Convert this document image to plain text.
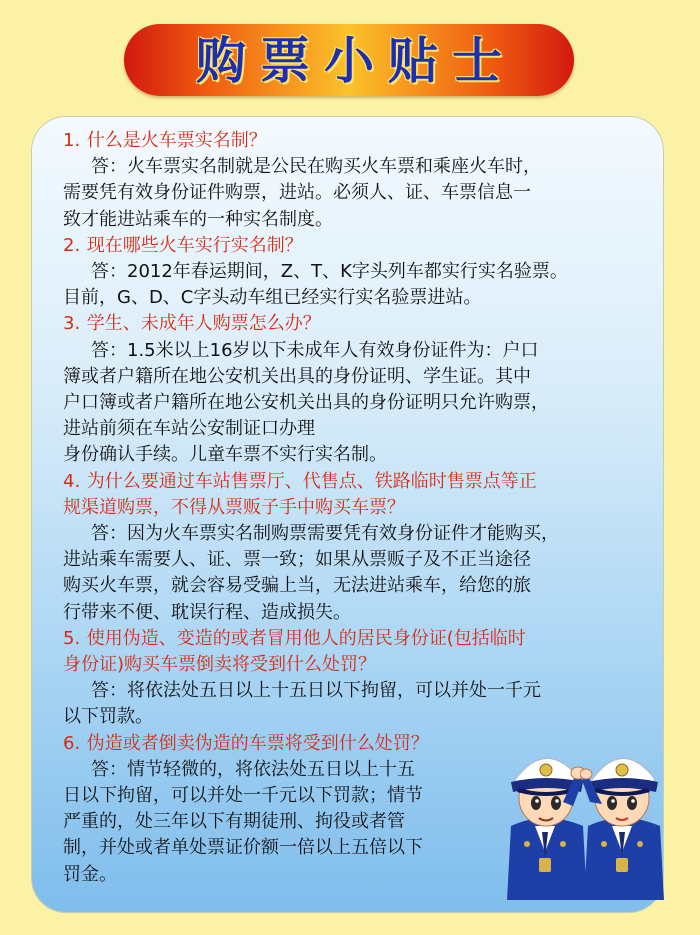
购票小贴士
1. 什么是火车票实名制？
答：火车票实名制就是公民在购买火车票和乘座火车时，
需要凭有效身份证件购票，进站。必须人、证、车票信息一
致才能进站乘车的一种实名制度。
2. 现在哪些火车实行实名制？
答：2012年春运期间，Z、T、K字头列车都实行实名验票。
目前，G、D、C字头动车组已经实行实名验票进站。
3. 学生、未成年人购票怎么办？
答：1.5米以上16岁以下未成年人有效身份证件为：户口
簿或者户籍所在地公安机关出具的身份证明、学生证。其中
户口簿或者户籍所在地公安机关出具的身份证明只允许购票，
进站前须在车站公安制证口办理
身份确认手续。儿童车票不实行实名制。
4. 为什么要通过车站售票厅、代售点、铁路临时售票点等正
规渠道购票，不得从票贩子手中购买车票？
答：因为火车票实名制购票需要凭有效身份证件才能购买，
进站乘车需要人、证、票一致；如果从票贩子及不正当途径
购买火车票，就会容易受骗上当，无法进站乘车，给您的旅
行带来不便、耽误行程、造成损失。
5. 使用伪造、变造的或者冒用他人的居民身份证(包括临时
身份证)购买车票倒卖将受到什么处罚？
答：将依法处五日以上十五日以下拘留，可以并处一千元
以下罚款。
6. 伪造或者倒卖伪造的车票将受到什么处罚？
答：情节轻微的，将依法处五日以上十五
日以下拘留，可以并处一千元以下罚款；情节
严重的，处三年以下有期徒刑、拘役或者管
制，并处或者单处票证价额一倍以上五倍以下
罚金。
